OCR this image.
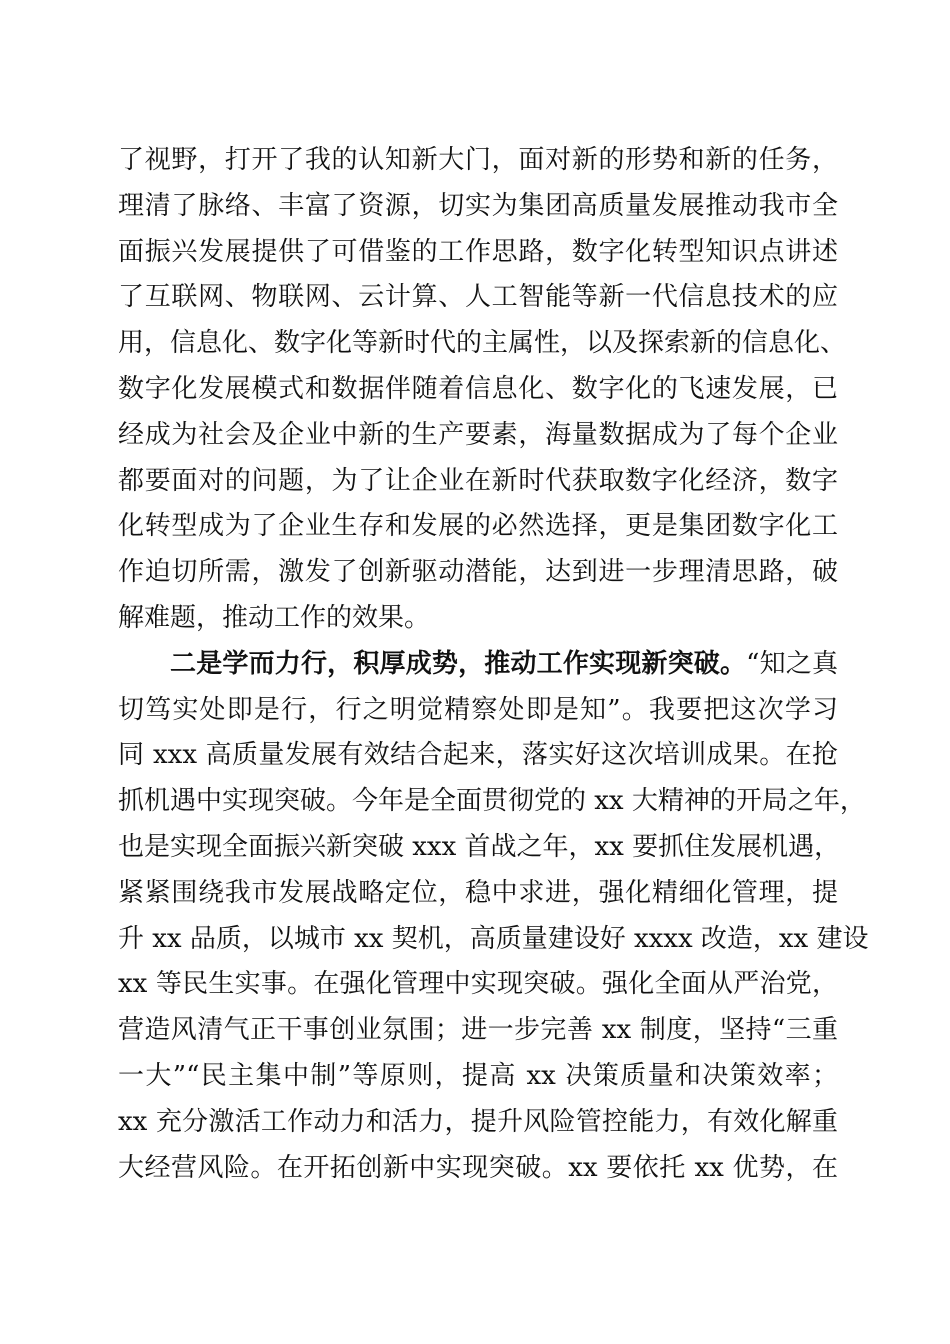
了视野，打开了我的认知新大门，面对新的形势和新的任务，
理清了脉络、丰富了资源，切实为集团高质量发展推动我市全
面振兴发展提供了可借鉴的工作思路，数字化转型知识点讲述
了互联网、物联网、云计算、人工智能等新一代信息技术的应
用，信息化、数字化等新时代的主属性，以及探索新的信息化、
数字化发展模式和数据伴随着信息化、数字化的飞速发展，已
经成为社会及企业中新的生产要素，海量数据成为了每个企业
都要面对的问题，为了让企业在新时代获取数字化经济，数字
化转型成为了企业生存和发展的必然选择，更是集团数字化工
作迫切所需，激发了创新驱动潜能，达到进一步理清思路，破
解难题，推动工作的效果。
二是学而力行，积厚成势，推动工作实现新突破。“知之真
切笃实处即是行，行之明觉精察处即是知”。我要把这次学习
同 xxx 高质量发展有效结合起来，落实好这次培训成果。在抢
抓机遇中实现突破。今年是全面贯彻党的 xx 大精神的开局之年，
也是实现全面振兴新突破 xxx 首战之年，xx 要抓住发展机遇，
紧紧围绕我市发展战略定位，稳中求进，强化精细化管理，提
升 xx 品质，以城市 xx 契机，高质量建设好 xxxx 改造，xx 建设
xx 等民生实事。在强化管理中实现突破。强化全面从严治党，
营造风清气正干事创业氛围；进一步完善 xx 制度，坚持“三重
一大”“民主集中制”等原则，提高 xx 决策质量和决策效率；
xx 充分激活工作动力和活力，提升风险管控能力，有效化解重
大经营风险。在开拓创新中实现突破。xx 要依托 xx 优势，在
